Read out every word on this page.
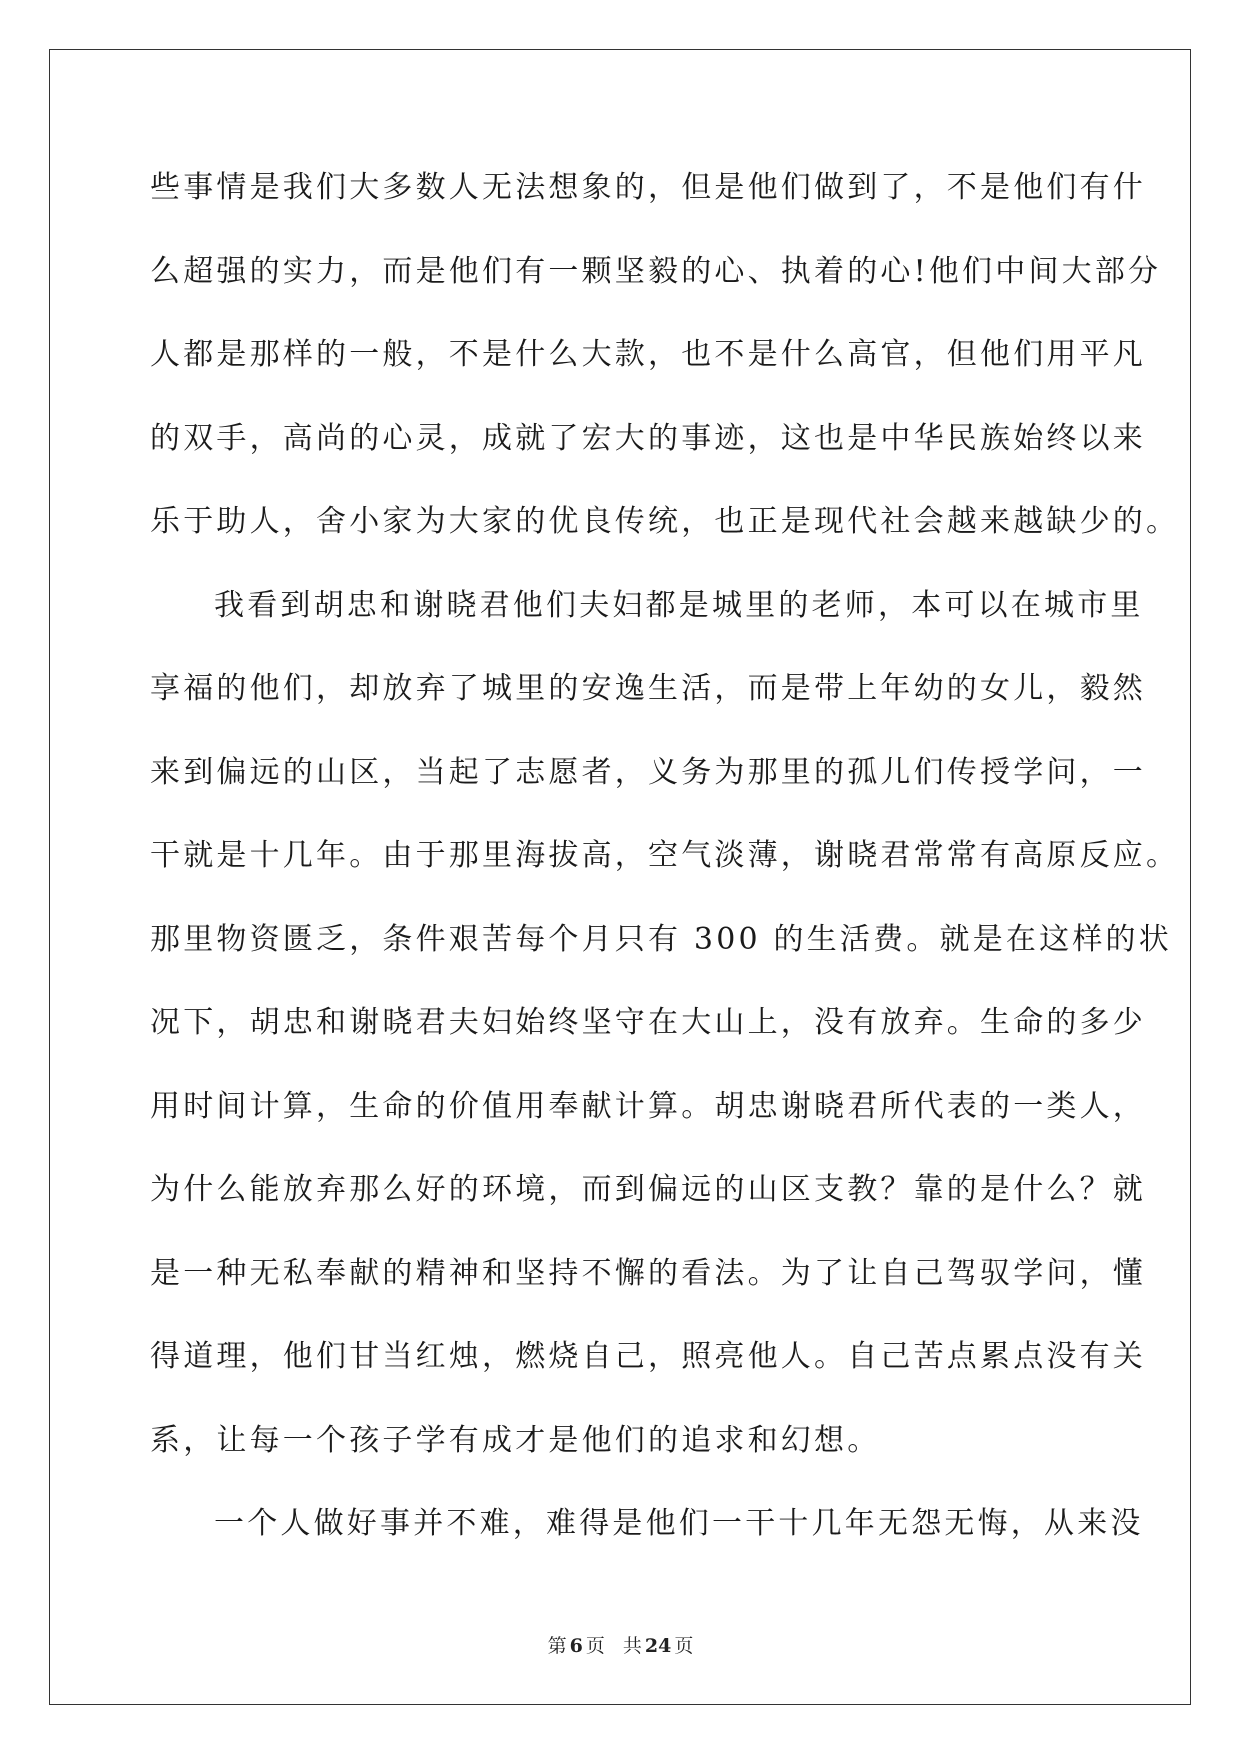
些事情是我们大多数人无法想象的，但是他们做到了，不是他们有什
么超强的实力，而是他们有一颗坚毅的心、执着的心!他们中间大部分
人都是那样的一般，不是什么大款，也不是什么高官，但他们用平凡
的双手，高尚的心灵，成就了宏大的事迹，这也是中华民族始终以来
乐于助人，舍小家为大家的优良传统，也正是现代社会越来越缺少的。
我看到胡忠和谢晓君他们夫妇都是城里的老师，本可以在城市里
享福的他们，却放弃了城里的安逸生活，而是带上年幼的女儿，毅然
来到偏远的山区，当起了志愿者，义务为那里的孤儿们传授学问，一
干就是十几年。由于那里海拔高，空气淡薄，谢晓君常常有高原反应。
那里物资匮乏，条件艰苦每个月只有 300 的生活费。就是在这样的状
况下，胡忠和谢晓君夫妇始终坚守在大山上，没有放弃。生命的多少
用时间计算，生命的价值用奉献计算。胡忠谢晓君所代表的一类人，
为什么能放弃那么好的环境，而到偏远的山区支教？靠的是什么？就
是一种无私奉献的精神和坚持不懈的看法。为了让自己驾驭学问，懂
得道理，他们甘当红烛，燃烧自己，照亮他人。自己苦点累点没有关
系，让每一个孩子学有成才是他们的追求和幻想。
一个人做好事并不难，难得是他们一干十几年无怨无悔，从来没
第 6 页 共 24 页
